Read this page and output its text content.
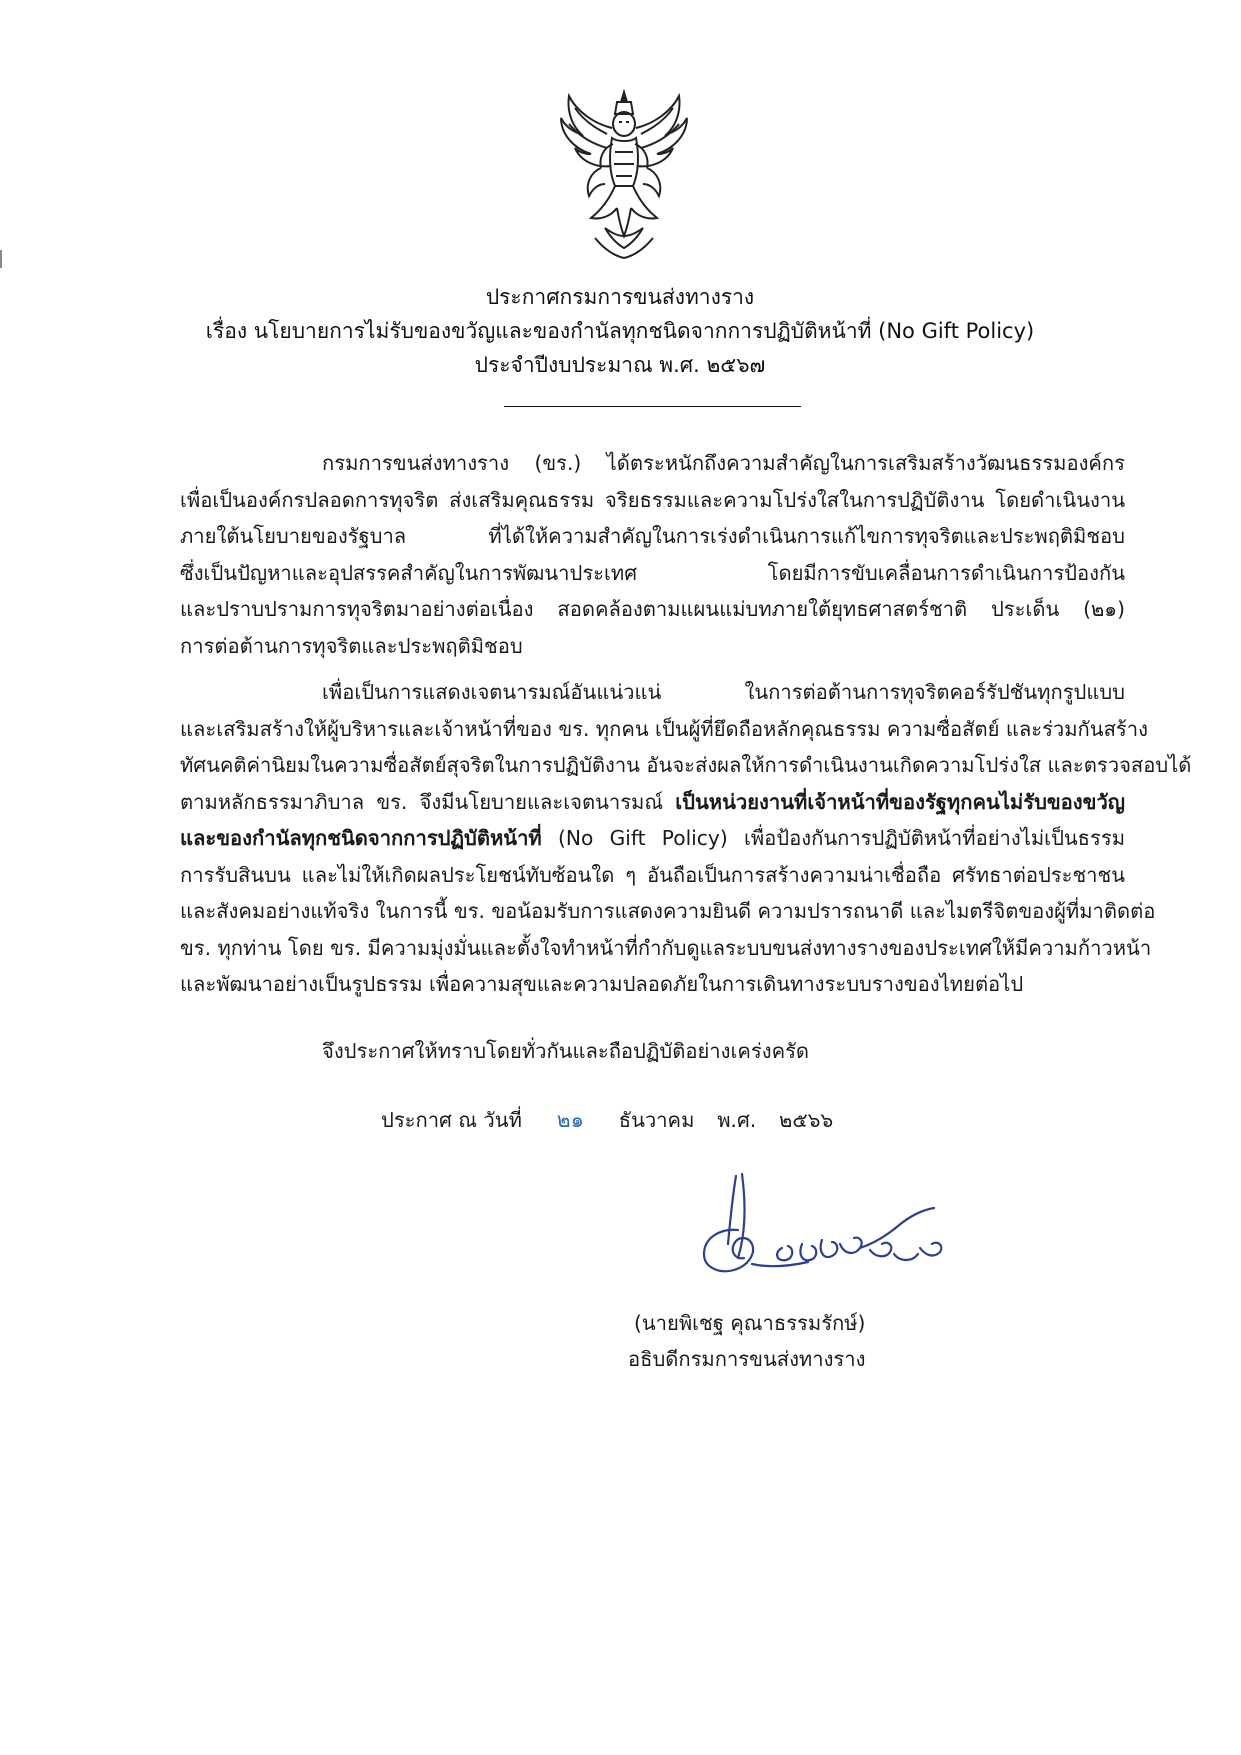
ประกาศกรมการขนส่งทางราง
เรื่อง นโยบายการไม่รับของขวัญและของกำนัลทุกชนิดจากการปฏิบัติหน้าที่ (No Gift Policy)
ประจำปีงบประมาณ พ.ศ. ๒๕๖๗
กรมการขนส่งทางราง (ขร.) ได้ตระหนักถึงความสำคัญในการเสริมสร้างวัฒนธรรมองค์กร
เพื่อเป็นองค์กรปลอดการทุจริต ส่งเสริมคุณธรรม จริยธรรมและความโปร่งใสในการปฏิบัติงาน โดยดำเนินงาน
ภายใต้นโยบายของรัฐบาล ที่ได้ให้ความสำคัญในการเร่งดำเนินการแก้ไขการทุจริตและประพฤติมิชอบ
ซึ่งเป็นปัญหาและอุปสรรคสำคัญในการพัฒนาประเทศ โดยมีการขับเคลื่อนการดำเนินการป้องกัน
และปราบปรามการทุจริตมาอย่างต่อเนื่อง สอดคล้องตามแผนแม่บทภายใต้ยุทธศาสตร์ชาติ ประเด็น (๒๑)
การต่อต้านการทุจริตและประพฤติมิชอบ
เพื่อเป็นการแสดงเจตนารมณ์อันแน่วแน่ ในการต่อต้านการทุจริตคอร์รัปชันทุกรูปแบบ
และเสริมสร้างให้ผู้บริหารและเจ้าหน้าที่ของ ขร. ทุกคน เป็นผู้ที่ยึดถือหลักคุณธรรม ความซื่อสัตย์ และร่วมกันสร้าง
ทัศนคติค่านิยมในความซื่อสัตย์สุจริตในการปฏิบัติงาน อันจะส่งผลให้การดำเนินงานเกิดความโปร่งใส และตรวจสอบได้
ตามหลักธรรมาภิบาล ขร. จึงมีนโยบายและเจตนารมณ์ เป็นหน่วยงานที่เจ้าหน้าที่ของรัฐทุกคนไม่รับของขวัญ
และของกำนัลทุกชนิดจากการปฏิบัติหน้าที่ (No Gift Policy) เพื่อป้องกันการปฏิบัติหน้าที่อย่างไม่เป็นธรรม
การรับสินบน และไม่ให้เกิดผลประโยชน์ทับซ้อนใด ๆ อันถือเป็นการสร้างความน่าเชื่อถือ ศรัทธาต่อประชาชน
และสังคมอย่างแท้จริง ในการนี้ ขร. ขอน้อมรับการแสดงความยินดี ความปรารถนาดี และไมตรีจิตของผู้ที่มาติดต่อ
ขร. ทุกท่าน โดย ขร. มีความมุ่งมั่นและตั้งใจทำหน้าที่กำกับดูแลระบบขนส่งทางรางของประเทศให้มีความก้าวหน้า
และพัฒนาอย่างเป็นรูปธรรม เพื่อความสุขและความปลอดภัยในการเดินทางระบบรางของไทยต่อไป
จึงประกาศให้ทราบโดยทั่วกันและถือปฏิบัติอย่างเคร่งครัด
ประกาศ ณ วันที่ ๒๑ ธันวาคม พ.ศ. ๒๕๖๖
(นายพิเชฐ คุณาธรรมรักษ์)
อธิบดีกรมการขนส่งทางราง
